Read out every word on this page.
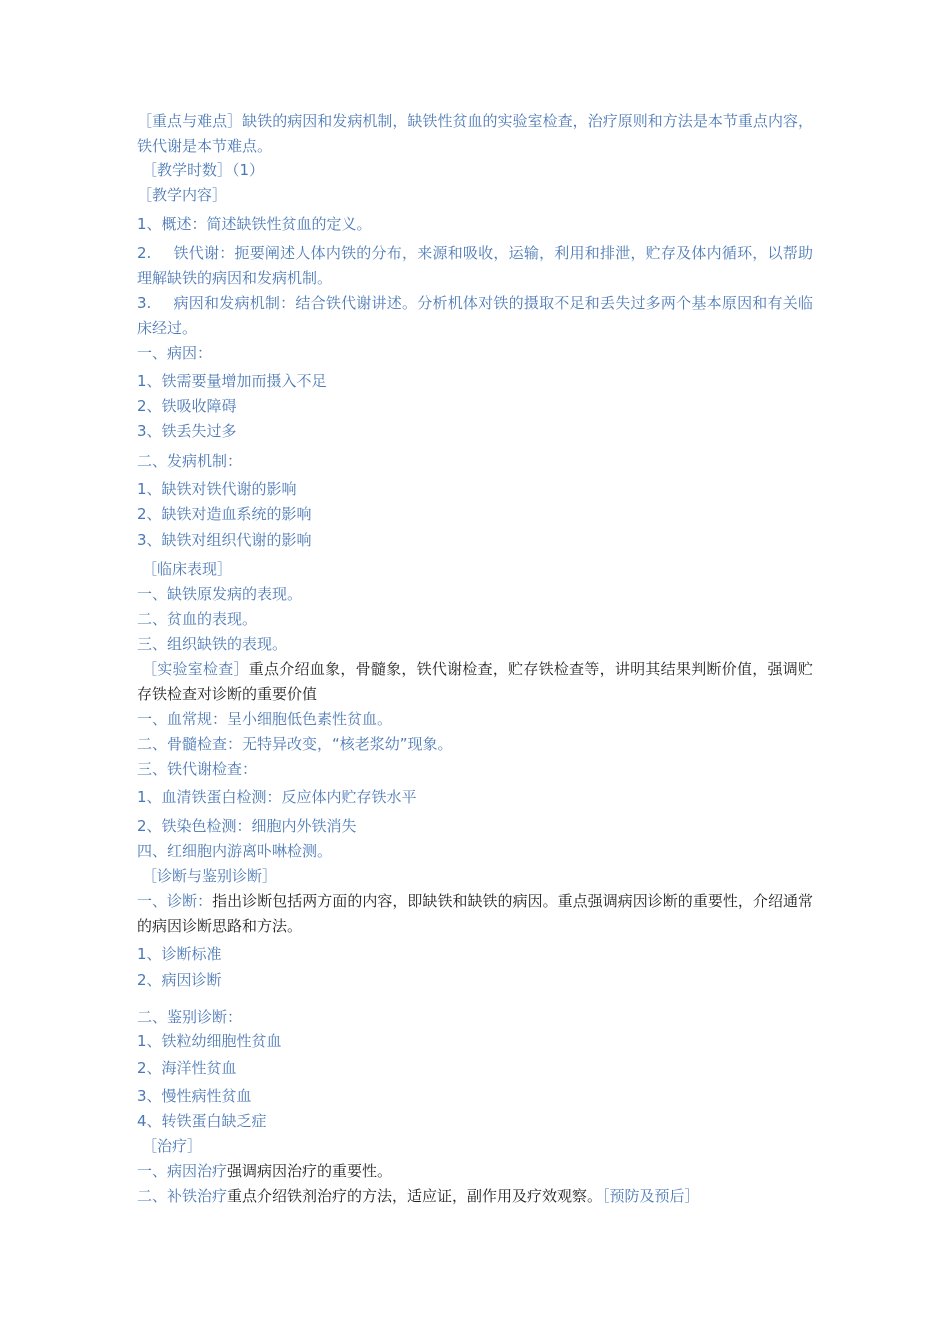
［重点与难点］缺铁的病因和发病机制，缺铁性贫血的实验室检查，治疗原则和方法是本节重点内容，铁代谢是本节难点。
［教学时数］（1）
［教学内容］
1、概述：简述缺铁性贫血的定义。
2. 铁代谢：扼要阐述人体内铁的分布，来源和吸收，运输，利用和排泄，贮存及体内循环，以帮助理解缺铁的病因和发病机制。
3. 病因和发病机制：结合铁代谢讲述。分析机体对铁的摄取不足和丢失过多两个基本原因和有关临床经过。
一、病因：
1、铁需要量增加而摄入不足
2、铁吸收障碍
3、铁丢失过多
二、发病机制：
1、缺铁对铁代谢的影响
2、缺铁对造血系统的影响
3、缺铁对组织代谢的影响
［临床表现］
一、缺铁原发病的表现。
二、贫血的表现。
三、组织缺铁的表现。
［实验室检查］重点介绍血象，骨髓象，铁代谢检查，贮存铁检查等，讲明其结果判断价值，强调贮存铁检查对诊断的重要价值
一、血常规：呈小细胞低色素性贫血。
二、骨髓检查：无特异改变，“核老浆幼”现象。
三、铁代谢检查：
1、血清铁蛋白检测：反应体内贮存铁水平
2、铁染色检测：细胞内外铁消失
四、红细胞内游离卟啉检测。
［诊断与鉴别诊断］
一、诊断：指出诊断包括两方面的内容，即缺铁和缺铁的病因。重点强调病因诊断的重要性，介绍通常的病因诊断思路和方法。
1、诊断标准
2、病因诊断
二、鉴别诊断：
1、铁粒幼细胞性贫血
2、海洋性贫血
3、慢性病性贫血
4、转铁蛋白缺乏症
［治疗］
一、病因治疗强调病因治疗的重要性。
二、补铁治疗重点介绍铁剂治疗的方法，适应证，副作用及疗效观察。［预防及预后］
